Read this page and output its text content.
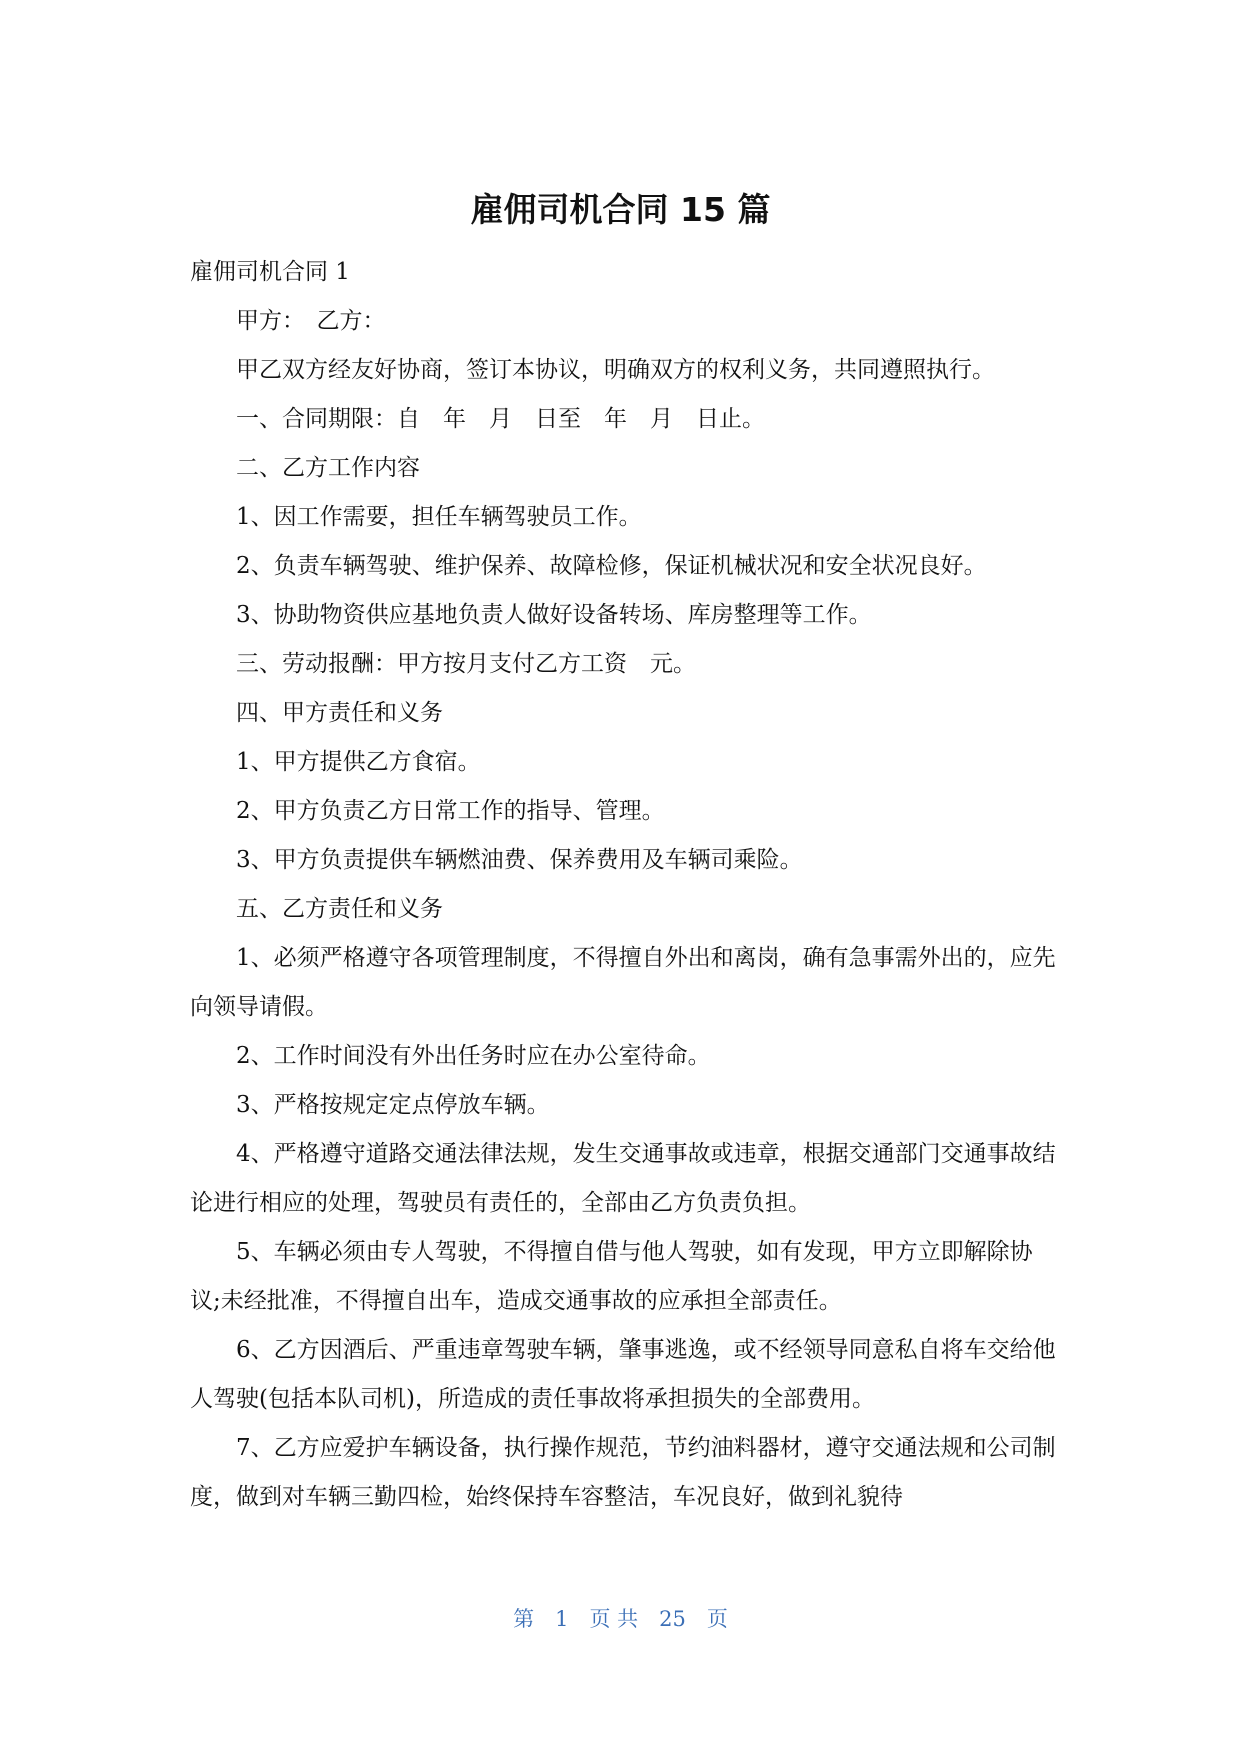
雇佣司机合同 15 篇

雇佣司机合同 1

甲方：　乙方：

甲乙双方经友好协商，签订本协议，明确双方的权利义务，共同遵照执行。

一、合同期限：自　年　月　日至　年　月　日止。

二、乙方工作内容

1、因工作需要，担任车辆驾驶员工作。

2、负责车辆驾驶、维护保养、故障检修，保证机械状况和安全状况良好。

3、协助物资供应基地负责人做好设备转场、库房整理等工作。

三、劳动报酬：甲方按月支付乙方工资　元。

四、甲方责任和义务

1、甲方提供乙方食宿。

2、甲方负责乙方日常工作的指导、管理。

3、甲方负责提供车辆燃油费、保养费用及车辆司乘险。

五、乙方责任和义务

1、必须严格遵守各项管理制度，不得擅自外出和离岗，确有急事需外出的，应先向领导请假。

2、工作时间没有外出任务时应在办公室待命。

3、严格按规定定点停放车辆。

4、严格遵守道路交通法律法规，发生交通事故或违章，根据交通部门交通事故结论进行相应的处理，驾驶员有责任的，全部由乙方负责负担。

5、车辆必须由专人驾驶，不得擅自借与他人驾驶，如有发现，甲方立即解除协议;未经批准，不得擅自出车，造成交通事故的应承担全部责任。

6、乙方因酒后、严重违章驾驶车辆，肇事逃逸，或不经领导同意私自将车交给他人驾驶(包括本队司机)，所造成的责任事故将承担损失的全部费用。

7、乙方应爱护车辆设备，执行操作规范，节约油料器材，遵守交通法规和公司制度，做到对车辆三勤四检，始终保持车容整洁，车况良好，做到礼貌待

第　1　页 共　25　页
